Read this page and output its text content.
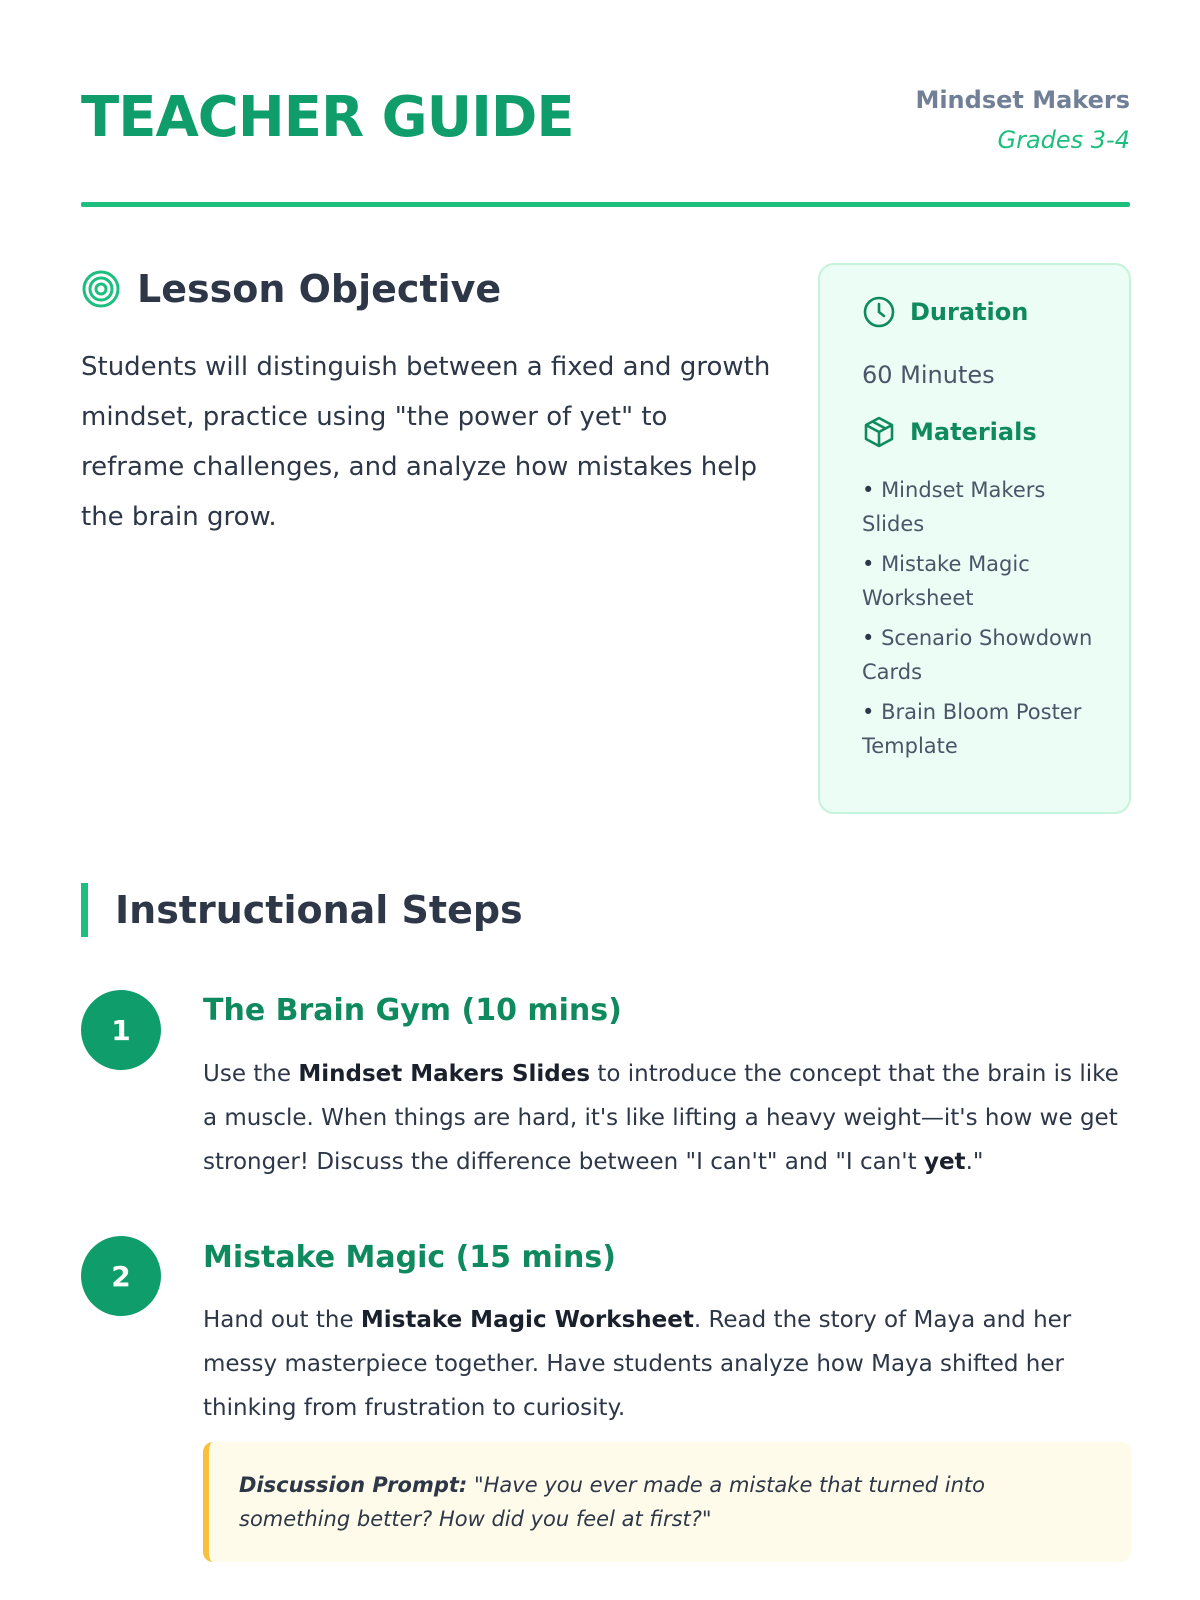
TEACHER GUIDE	Mindset Makers
Grades 3-4
Lesson Objective

Students will distinguish between a fixed and growth mindset, practice using "the power of yet" to reframe challenges, and analyze how mistakes help the brain grow.

Duration
60 Minutes
Materials
• Mindset Makers Slides
• Mistake Magic Worksheet
• Scenario Showdown Cards
• Brain Bloom Poster Template
Instructional Steps
1
The Brain Gym (10 mins)

Use the Mindset Makers Slides to introduce the concept that the brain is like a muscle. When things are hard, it's like lifting a heavy weight—it's how we get stronger! Discuss the difference between "I can't" and "I can't yet."

2
Mistake Magic (15 mins)

Hand out the Mistake Magic Worksheet. Read the story of Maya and her messy masterpiece together. Have students analyze how Maya shifted her thinking from frustration to curiosity.

Discussion Prompt: "Have you ever made a mistake that turned into something better? How did you feel at first?"
